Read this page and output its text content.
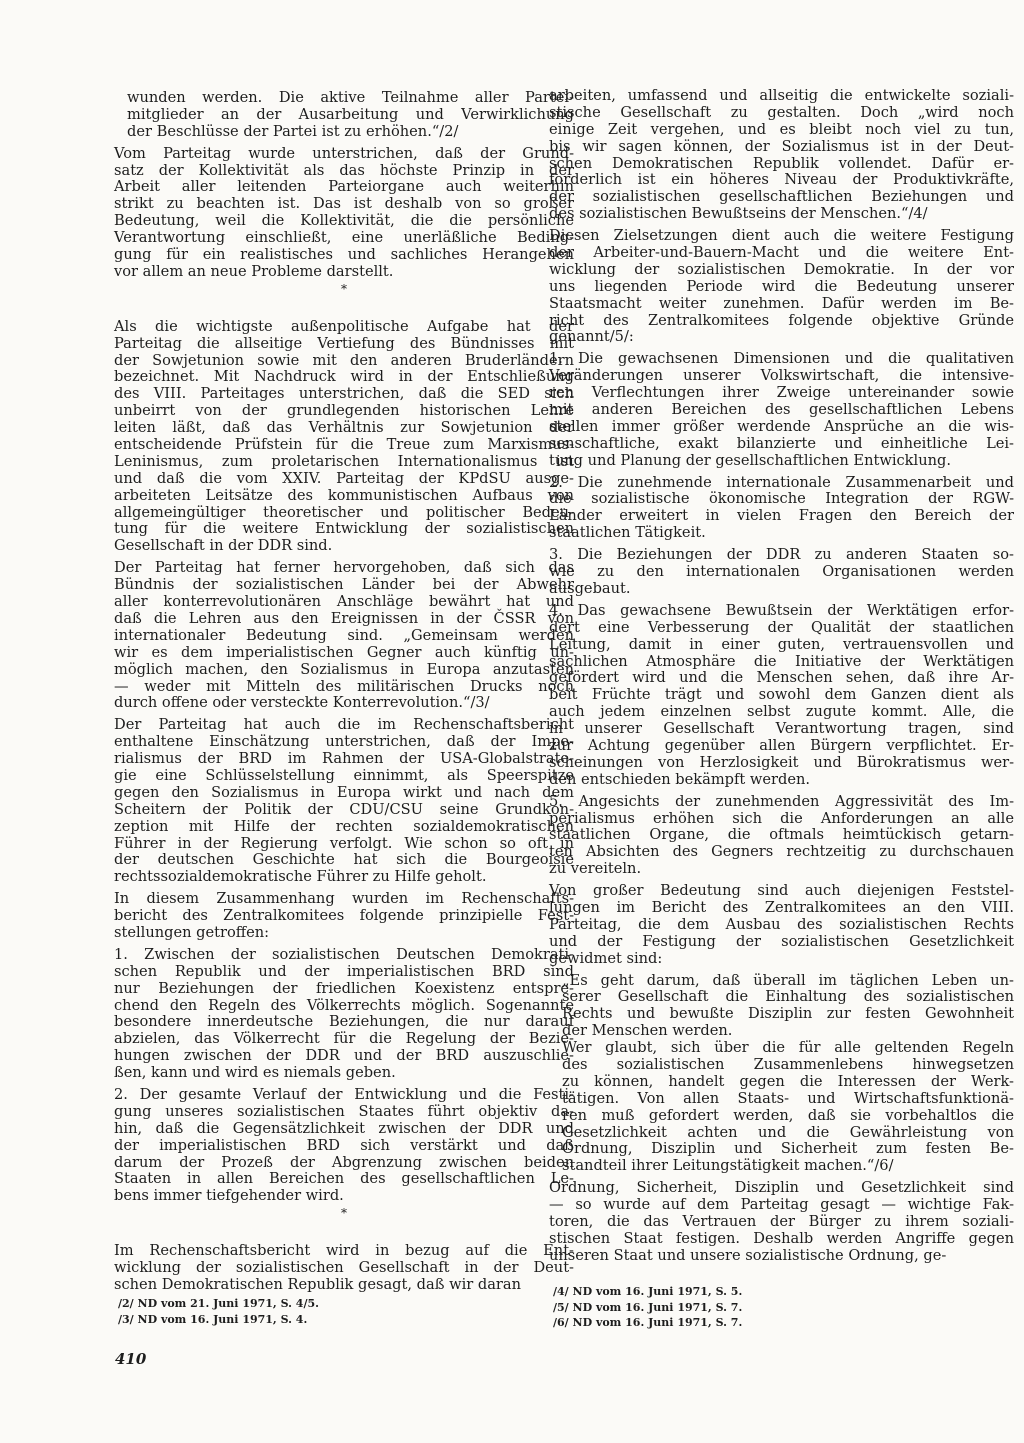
wunden werden. Die aktive Teilnahme aller Partei-
mitglieder an der Ausarbeitung und Verwirklichung
der Beschlüsse der Partei ist zu erhöhen.“/2/
Vom Parteitag wurde unterstrichen, daß der Grund-
satz der Kollektivität als das höchste Prinzip in der
Arbeit aller leitenden Parteiorgane auch weiterhin
strikt zu beachten ist. Das ist deshalb von so großer
Bedeutung, weil die Kollektivität, die die persönliche
Verantwortung einschließt, eine unerläßliche Beding-
gung für ein realistisches und sachliches Herangehen
vor allem an neue Probleme darstellt.
*
Als die wichtigste außenpolitische Aufgabe hat der
Parteitag die allseitige Vertiefung des Bündnisses mit
der Sowjetunion sowie mit den anderen Bruderländern
bezeichnet. Mit Nachdruck wird in der Entschließung
des VIII. Parteitages unterstrichen, daß die SED sich
unbeirrt von der grundlegenden historischen Lehre
leiten läßt, daß das Verhältnis zur Sowjetunion der
entscheidende Prüfstein für die Treue zum Marxismus-
Leninismus, zum proletarischen Internationalismus ist
und daß die vom XXIV. Parteitag der KPdSU ausge-
arbeiteten Leitsätze des kommunistischen Aufbaus von
allgemeingültiger theoretischer und politischer Bedeu-
tung für die weitere Entwicklung der sozialistischen
Gesellschaft in der DDR sind.
Der Parteitag hat ferner hervorgehoben, daß sich das
Bündnis der sozialistischen Länder bei der Abwehr
aller konterrevolutionären Anschläge bewährt hat und
daß die Lehren aus den Ereignissen in der ČSSR von
internationaler Bedeutung sind. „Gemeinsam werden
wir es dem imperialistischen Gegner auch künftig un-
möglich machen, den Sozialismus in Europa anzutasten
— weder mit Mitteln des militärischen Drucks noch
durch offene oder versteckte Konterrevolution.“/3/
Der Parteitag hat auch die im Rechenschaftsbericht
enthaltene Einschätzung unterstrichen, daß der Impe-
rialismus der BRD im Rahmen der USA-Globalstrate-
gie eine Schlüsselstellung einnimmt, als Speerspitze
gegen den Sozialismus in Europa wirkt und nach dem
Scheitern der Politik der CDU/CSU seine Grundkon-
zeption mit Hilfe der rechten sozialdemokratischen
Führer in der Regierung verfolgt. Wie schon so oft in
der deutschen Geschichte hat sich die Bourgeoisie
rechtssozialdemokratische Führer zu Hilfe geholt.
In diesem Zusammenhang wurden im Rechenschafts-
bericht des Zentralkomitees folgende prinzipielle Fest-
stellungen getroffen:
1. Zwischen der sozialistischen Deutschen Demokrati-
schen Republik und der imperialistischen BRD sind
nur Beziehungen der friedlichen Koexistenz entspre-
chend den Regeln des Völkerrechts möglich. Sogenannte
besondere innerdeutsche Beziehungen, die nur darauf
abzielen, das Völkerrecht für die Regelung der Bezie-
hungen zwischen der DDR und der BRD auszuschlie-
ßen, kann und wird es niemals geben.
2. Der gesamte Verlauf der Entwicklung und die Festi-
gung unseres sozialistischen Staates führt objektiv da-
hin, daß die Gegensätzlichkeit zwischen der DDR und
der imperialistischen BRD sich verstärkt und daß
darum der Prozeß der Abgrenzung zwischen beiden
Staaten in allen Bereichen des gesellschaftlichen Le-
bens immer tiefgehender wird.
*
Im Rechenschaftsbericht wird in bezug auf die Ent-
wicklung der sozialistischen Gesellschaft in der Deut-
schen Demokratischen Republik gesagt, daß wir daran
/2/ ND vom 21. Juni 1971, S. 4/5.
/3/ ND vom 16. Juni 1971, S. 4.
arbeiten, umfassend und allseitig die entwickelte soziali-
stische Gesellschaft zu gestalten. Doch „wird noch
einige Zeit vergehen, und es bleibt noch viel zu tun,
bis wir sagen können, der Sozialismus ist in der Deut-
schen Demokratischen Republik vollendet. Dafür er-
forderlich ist ein höheres Niveau der Produktivkräfte,
der sozialistischen gesellschaftlichen Beziehungen und
des sozialistischen Bewußtseins der Menschen.“/4/
Diesen Zielsetzungen dient auch die weitere Festigung
der Arbeiter-und-Bauern-Macht und die weitere Ent-
wicklung der sozialistischen Demokratie. In der vor
uns liegenden Periode wird die Bedeutung unserer
Staatsmacht weiter zunehmen. Dafür werden im Be-
richt des Zentralkomitees folgende objektive Gründe
genannt/5/:
1. Die gewachsenen Dimensionen und die qualitativen
Veränderungen unserer Volkswirtschaft, die intensive-
ren Verflechtungen ihrer Zweige untereinander sowie
mit anderen Bereichen des gesellschaftlichen Lebens
stellen immer größer werdende Ansprüche an die wis-
senschaftliche, exakt bilanzierte und einheitliche Lei-
tung und Planung der gesellschaftlichen Entwicklung.
2. Die zunehmende internationale Zusammenarbeit und
die sozialistische ökonomische Integration der RGW-
Länder erweitert in vielen Fragen den Bereich der
staatlichen Tätigkeit.
3. Die Beziehungen der DDR zu anderen Staaten so-
wie zu den internationalen Organisationen werden
ausgebaut.
4. Das gewachsene Bewußtsein der Werktätigen erfor-
dert eine Verbesserung der Qualität der staatlichen
Leitung, damit in einer guten, vertrauensvollen und
sachlichen Atmosphäre die Initiative der Werktätigen
gefördert wird und die Menschen sehen, daß ihre Ar-
beit Früchte trägt und sowohl dem Ganzen dient als
auch jedem einzelnen selbst zugute kommt. Alle, die
in unserer Gesellschaft Verantwortung tragen, sind
zur Achtung gegenüber allen Bürgern verpflichtet. Er-
scheinungen von Herzlosigkeit und Bürokratismus wer-
den entschieden bekämpft werden.
5. Angesichts der zunehmenden Aggressivität des Im-
perialismus erhöhen sich die Anforderungen an alle
staatlichen Organe, die oftmals heimtückisch getarn-
ten Absichten des Gegners rechtzeitig zu durchschauen
zu vereiteln.
Von großer Bedeutung sind auch diejenigen Feststel-
lungen im Bericht des Zentralkomitees an den VIII.
Parteitag, die dem Ausbau des sozialistischen Rechts
und der Festigung der sozialistischen Gesetzlichkeit
gewidmet sind:
„Es geht darum, daß überall im täglichen Leben un-
serer Gesellschaft die Einhaltung des sozialistischen
Rechts und bewußte Disziplin zur festen Gewohnheit
der Menschen werden.
Wer glaubt, sich über die für alle geltenden Regeln
des sozialistischen Zusammenlebens hinwegsetzen
zu können, handelt gegen die Interessen der Werk-
tätigen. Von allen Staats- und Wirtschaftsfunktionä-
ren muß gefordert werden, daß sie vorbehaltlos die
Gesetzlichkeit achten und die Gewährleistung von
Ordnung, Disziplin und Sicherheit zum festen Be-
standteil ihrer Leitungstätigkeit machen.“/6/
Ordnung, Sicherheit, Disziplin und Gesetzlichkeit sind
— so wurde auf dem Parteitag gesagt — wichtige Fak-
toren, die das Vertrauen der Bürger zu ihrem soziali-
stischen Staat festigen. Deshalb werden Angriffe gegen
unseren Staat und unsere sozialistische Ordnung, ge-
/4/ ND vom 16. Juni 1971, S. 5.
/5/ ND vom 16. Juni 1971, S. 7.
/6/ ND vom 16. Juni 1971, S. 7.
410
